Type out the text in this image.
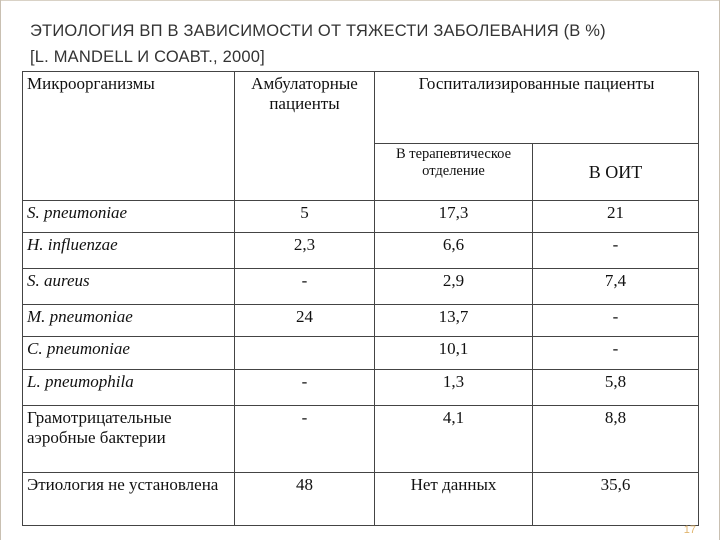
ЭТИОЛОГИЯ ВП В ЗАВИСИМОСТИ ОТ ТЯЖЕСТИ ЗАБОЛЕВАНИЯ (В %)
[L. MANDELL И СОАВТ., 2000]
Микроорганизмы	Амбулаторные пациенты	Госпитализированные пациенты	
		В терапевтическое отделение	В ОИТ
S. pneumoniae	5	17,3	21
H. influenzae	2,3	6,6	-
S. aureus	-	2,9	7,4
M. pneumoniae	24	13,7	-
C. pneumoniae		10,1	-
L. pneumophila	-	1,3	5,8
Грамотрицательные аэробные бактерии	-	4,1	8,8
Этиология не установлена	48	Нет данных	35,6
17
